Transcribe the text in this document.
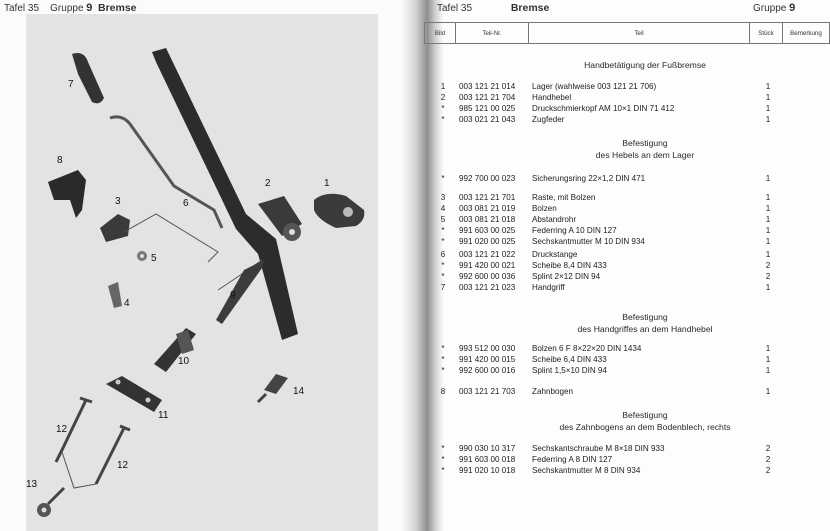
Tafel 35 Gruppe 9 Bremse
7
8
3	6
2	1
5
4
9
10
11
12
12
14
13
Tafel 35	Bremse	Gruppe 9
Bild	Teil-Nr.	Teil	Stück	Bemerkung
Handbetätigung der Fußbremse
1	003 121 21 014 Lager (wahlweise 003 121 21 706)	1
2	003 121 21 704 Handhebel	1
*	985 121 00 025 Druckschmierkopf AM 10×1 DIN 71 412	1
*	003 021 21 043 Zugfeder	1
Befestigung
des Hebels an dem Lager
*	992 700 00 023 Sicherungsring 22×1,2 DIN 471	1
3	003 121 21 701 Raste, mit Bolzen	1
4	003 081 21 019 Bolzen	1
5	003 081 21 018 Abstandrohr	1
*	991 603 00 025 Federring A 10 DIN 127	1
*	991 020 00 025 Sechskantmutter M 10 DIN 934	1
6	003 121 21 022 Druckstange	1
*	991 420 00 021 Scheibe 8,4 DIN 433	2
*	992 600 00 036 Splint 2×12 DIN 94	2
7	003 121 21 023 Handgriff	1
Befestigung
des Handgriffes an dem Handhebel
*	993 512 00 030 Bolzen 6 F 8×22×20 DIN 1434	1
*	991 420 00 015 Scheibe 6,4 DIN 433	1
*	992 600 00 016 Splint 1,5×10 DIN 94	1
8	003 121 21 703 Zahnbogen	1
Befestigung
des Zahnbogens an dem Bodenblech, rechts
*	990 030 10 317 Sechskantschraube M 8×18 DIN 933	2
*	991 603 00 018 Federring A 8 DIN 127	2
*	991 020 10 018 Sechskantmutter M 8 DIN 934	2
